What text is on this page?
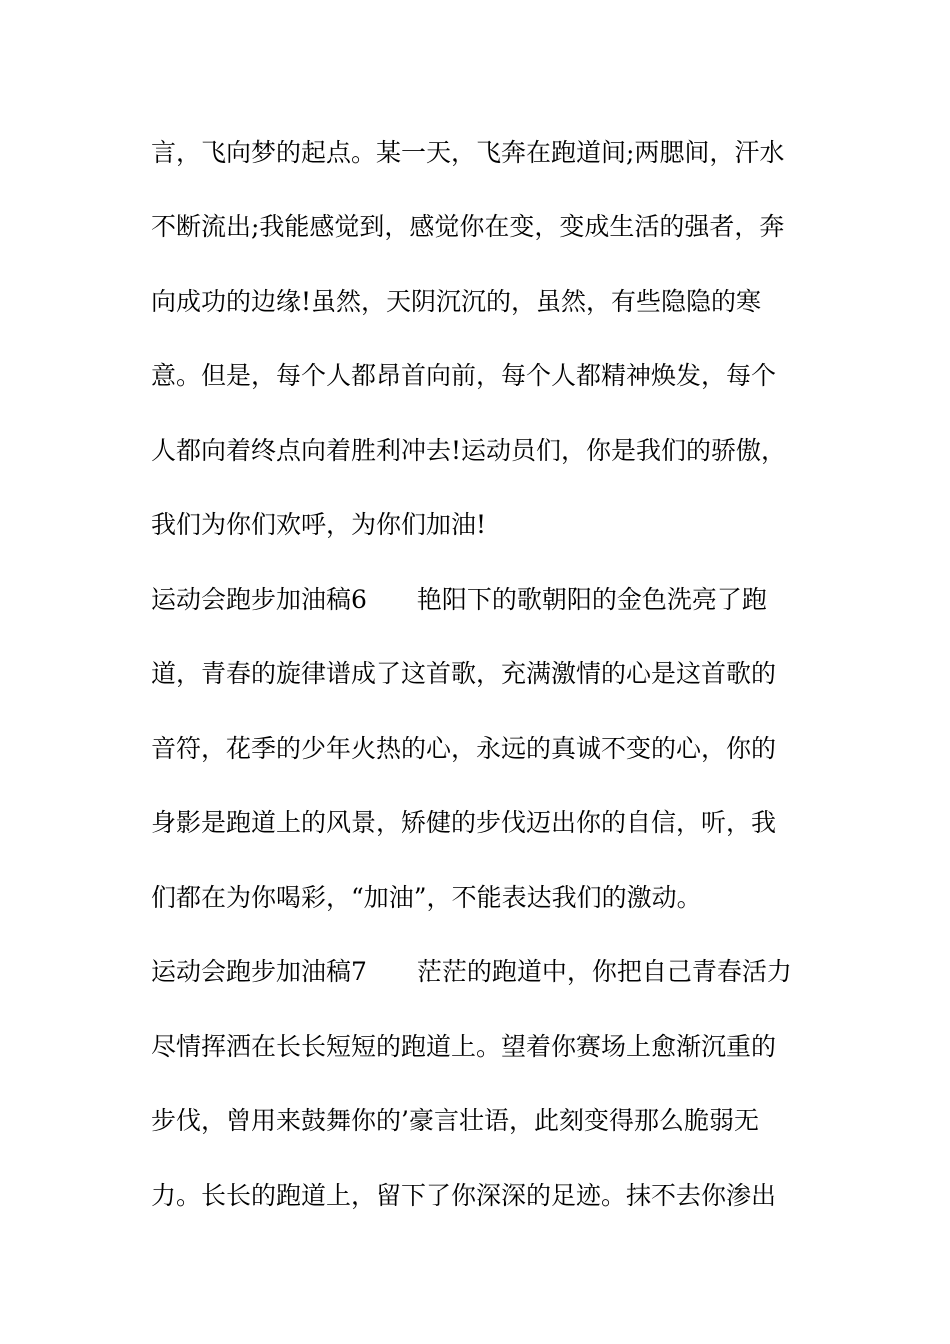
言，飞向梦的起点。某一天，飞奔在跑道间;两腮间，汗水
不断流出;我能感觉到，感觉你在变，变成生活的强者，奔
向成功的边缘!虽然，天阴沉沉的，虽然，有些隐隐的寒
意。但是，每个人都昂首向前，每个人都精神焕发，每个
人都向着终点向着胜利冲去!运动员们，你是我们的骄傲，
我们为你们欢呼，为你们加油!
运动会跑步加油稿6　　艳阳下的歌朝阳的金色洗亮了跑
道，青春的旋律谱成了这首歌，充满激情的心是这首歌的
音符，花季的少年火热的心，永远的真诚不变的心，你的
身影是跑道上的风景，矫健的步伐迈出你的自信，听，我
们都在为你喝彩，“加油”，不能表达我们的激动。
运动会跑步加油稿7　　茫茫的跑道中，你把自己青春活力
尽情挥洒在长长短短的跑道上。望着你赛场上愈渐沉重的
步伐，曾用来鼓舞你的’豪言壮语，此刻变得那么脆弱无
力。长长的跑道上，留下了你深深的足迹。抹不去你渗出
